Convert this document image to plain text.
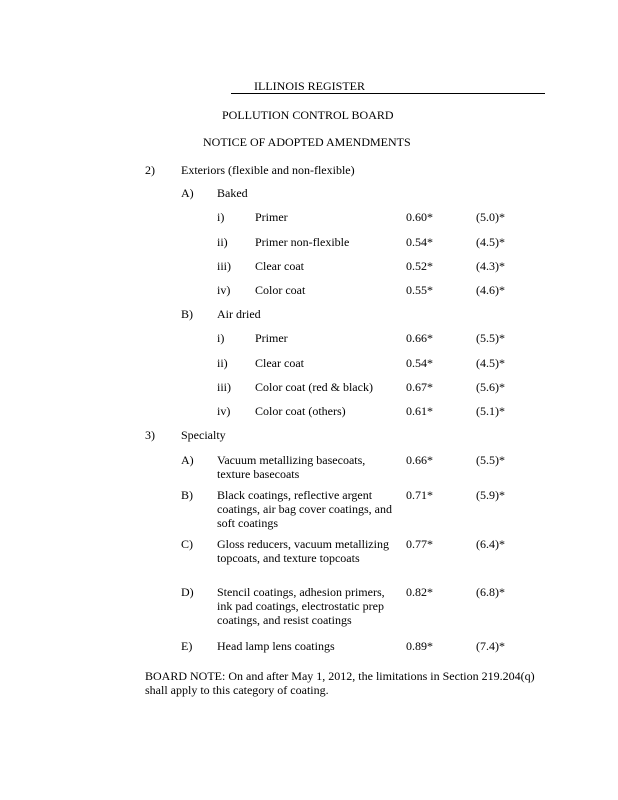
ILLINOIS REGISTER
POLLUTION CONTROL BOARD
NOTICE OF ADOPTED AMENDMENTS
2) Exteriors (flexible and non-flexible)
A) Baked
i)	Primer	0.60*	(5.0)*
ii) Primer non-flexible	0.54*	(4.5)*
iii) Clear coat	0.52*	(4.3)*
iv) Color coat	0.55*	(4.6)*
B) Air dried
i)	Primer	0.66*	(5.5)*
ii) Clear coat	0.54*	(4.5)*
iii) Color coat (red & black)	0.67*	(5.6)*
iv) Color coat (others)	0.61*	(5.1)*
3) Specialty
A) Vacuum metallizing basecoats, texture basecoats
0.66*	(5.5)*
B) Black coatings, reflective argent coatings, air bag cover coatings, and soft coatings
0.71*	(5.9)*
C) Gloss reducers, vacuum metallizing topcoats, and texture topcoats
0.77*	(6.4)*
D) Stencil coatings, adhesion primers, ink pad coatings, electrostatic prep coatings, and resist coatings
0.82*	(6.8)*
E) Head lamp lens coatings	0.89*	(7.4)*
BOARD NOTE: On and after May 1, 2012, the limitations in Section 219.204(q) shall apply to this category of coating.
